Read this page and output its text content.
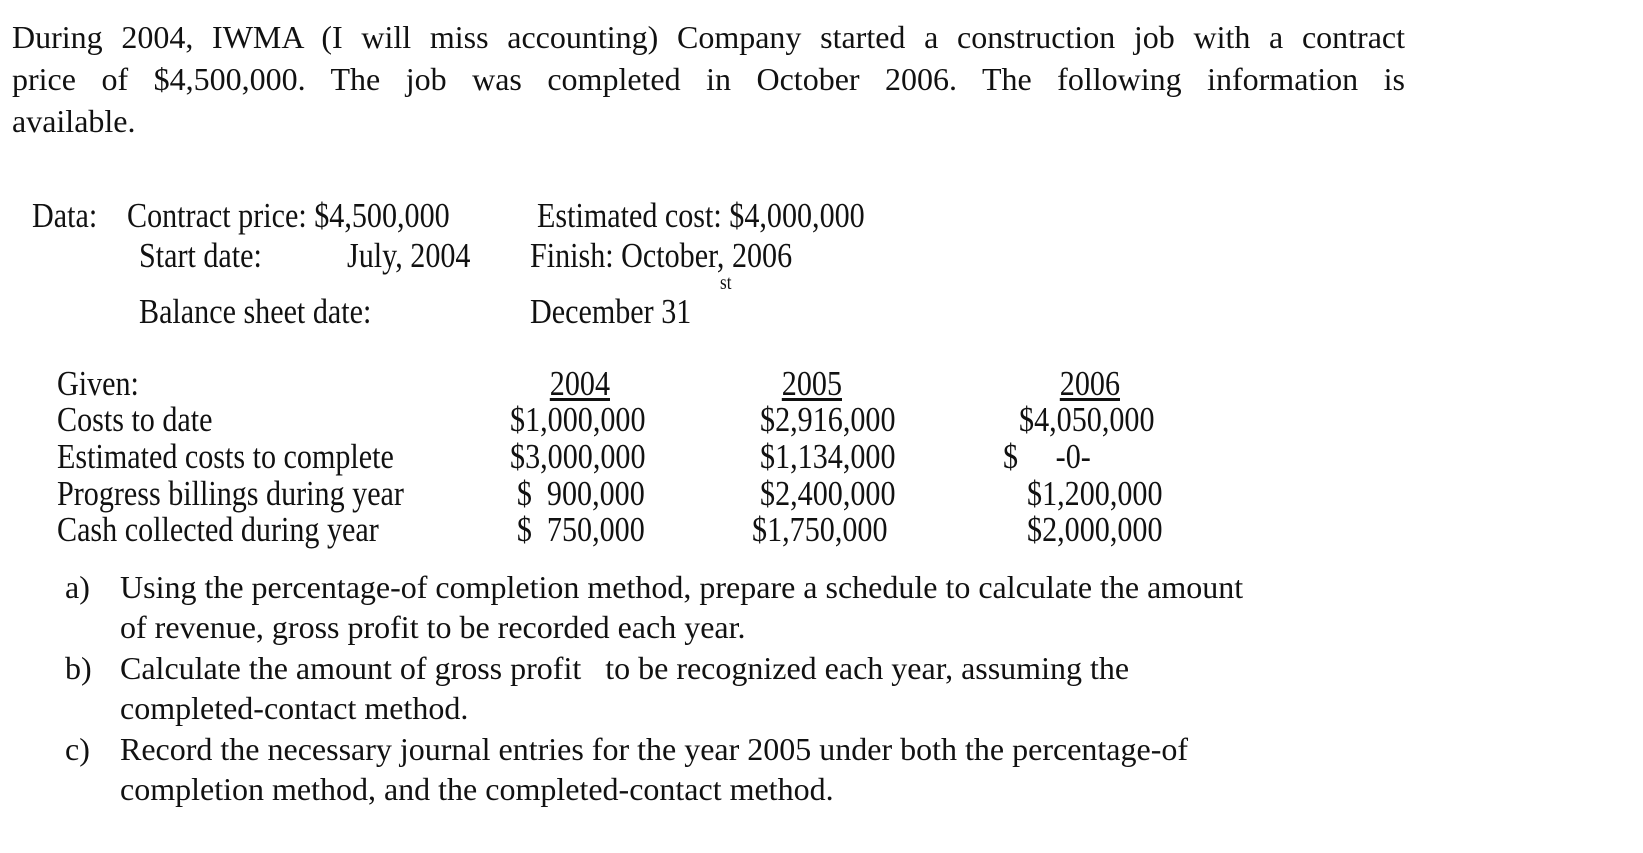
During 2004, IWMA (I will miss accounting) Company started a construction job with a contract
price of $4,500,000. The job was completed in October 2006. The following information is
available.
Data: Contract price: $4,500,000 Estimated cost: $4,000,000
Start date: July, 2004 Finish: October, 2006
st
Balance sheet date:	December 31
Given:	2004	2005	2006
Costs to date	$1,000,000	$2,916,000	$4,050,000
Estimated costs to complete	$3,000,000	$1,134,000	$     -0-
Progress billings during year	$  900,000	$2,400,000	$1,200,000
Cash collected during year	$  750,000	$1,750,000	$2,000,000
a) Using the percentage-of completion method, prepare a schedule to calculate the amount
of revenue, gross profit to be recorded each year.
b) Calculate the amount of gross profit   to be recognized each year, assuming the
completed-contact method.
c) Record the necessary journal entries for the year 2005 under both the percentage-of
completion method, and the completed-contact method.
